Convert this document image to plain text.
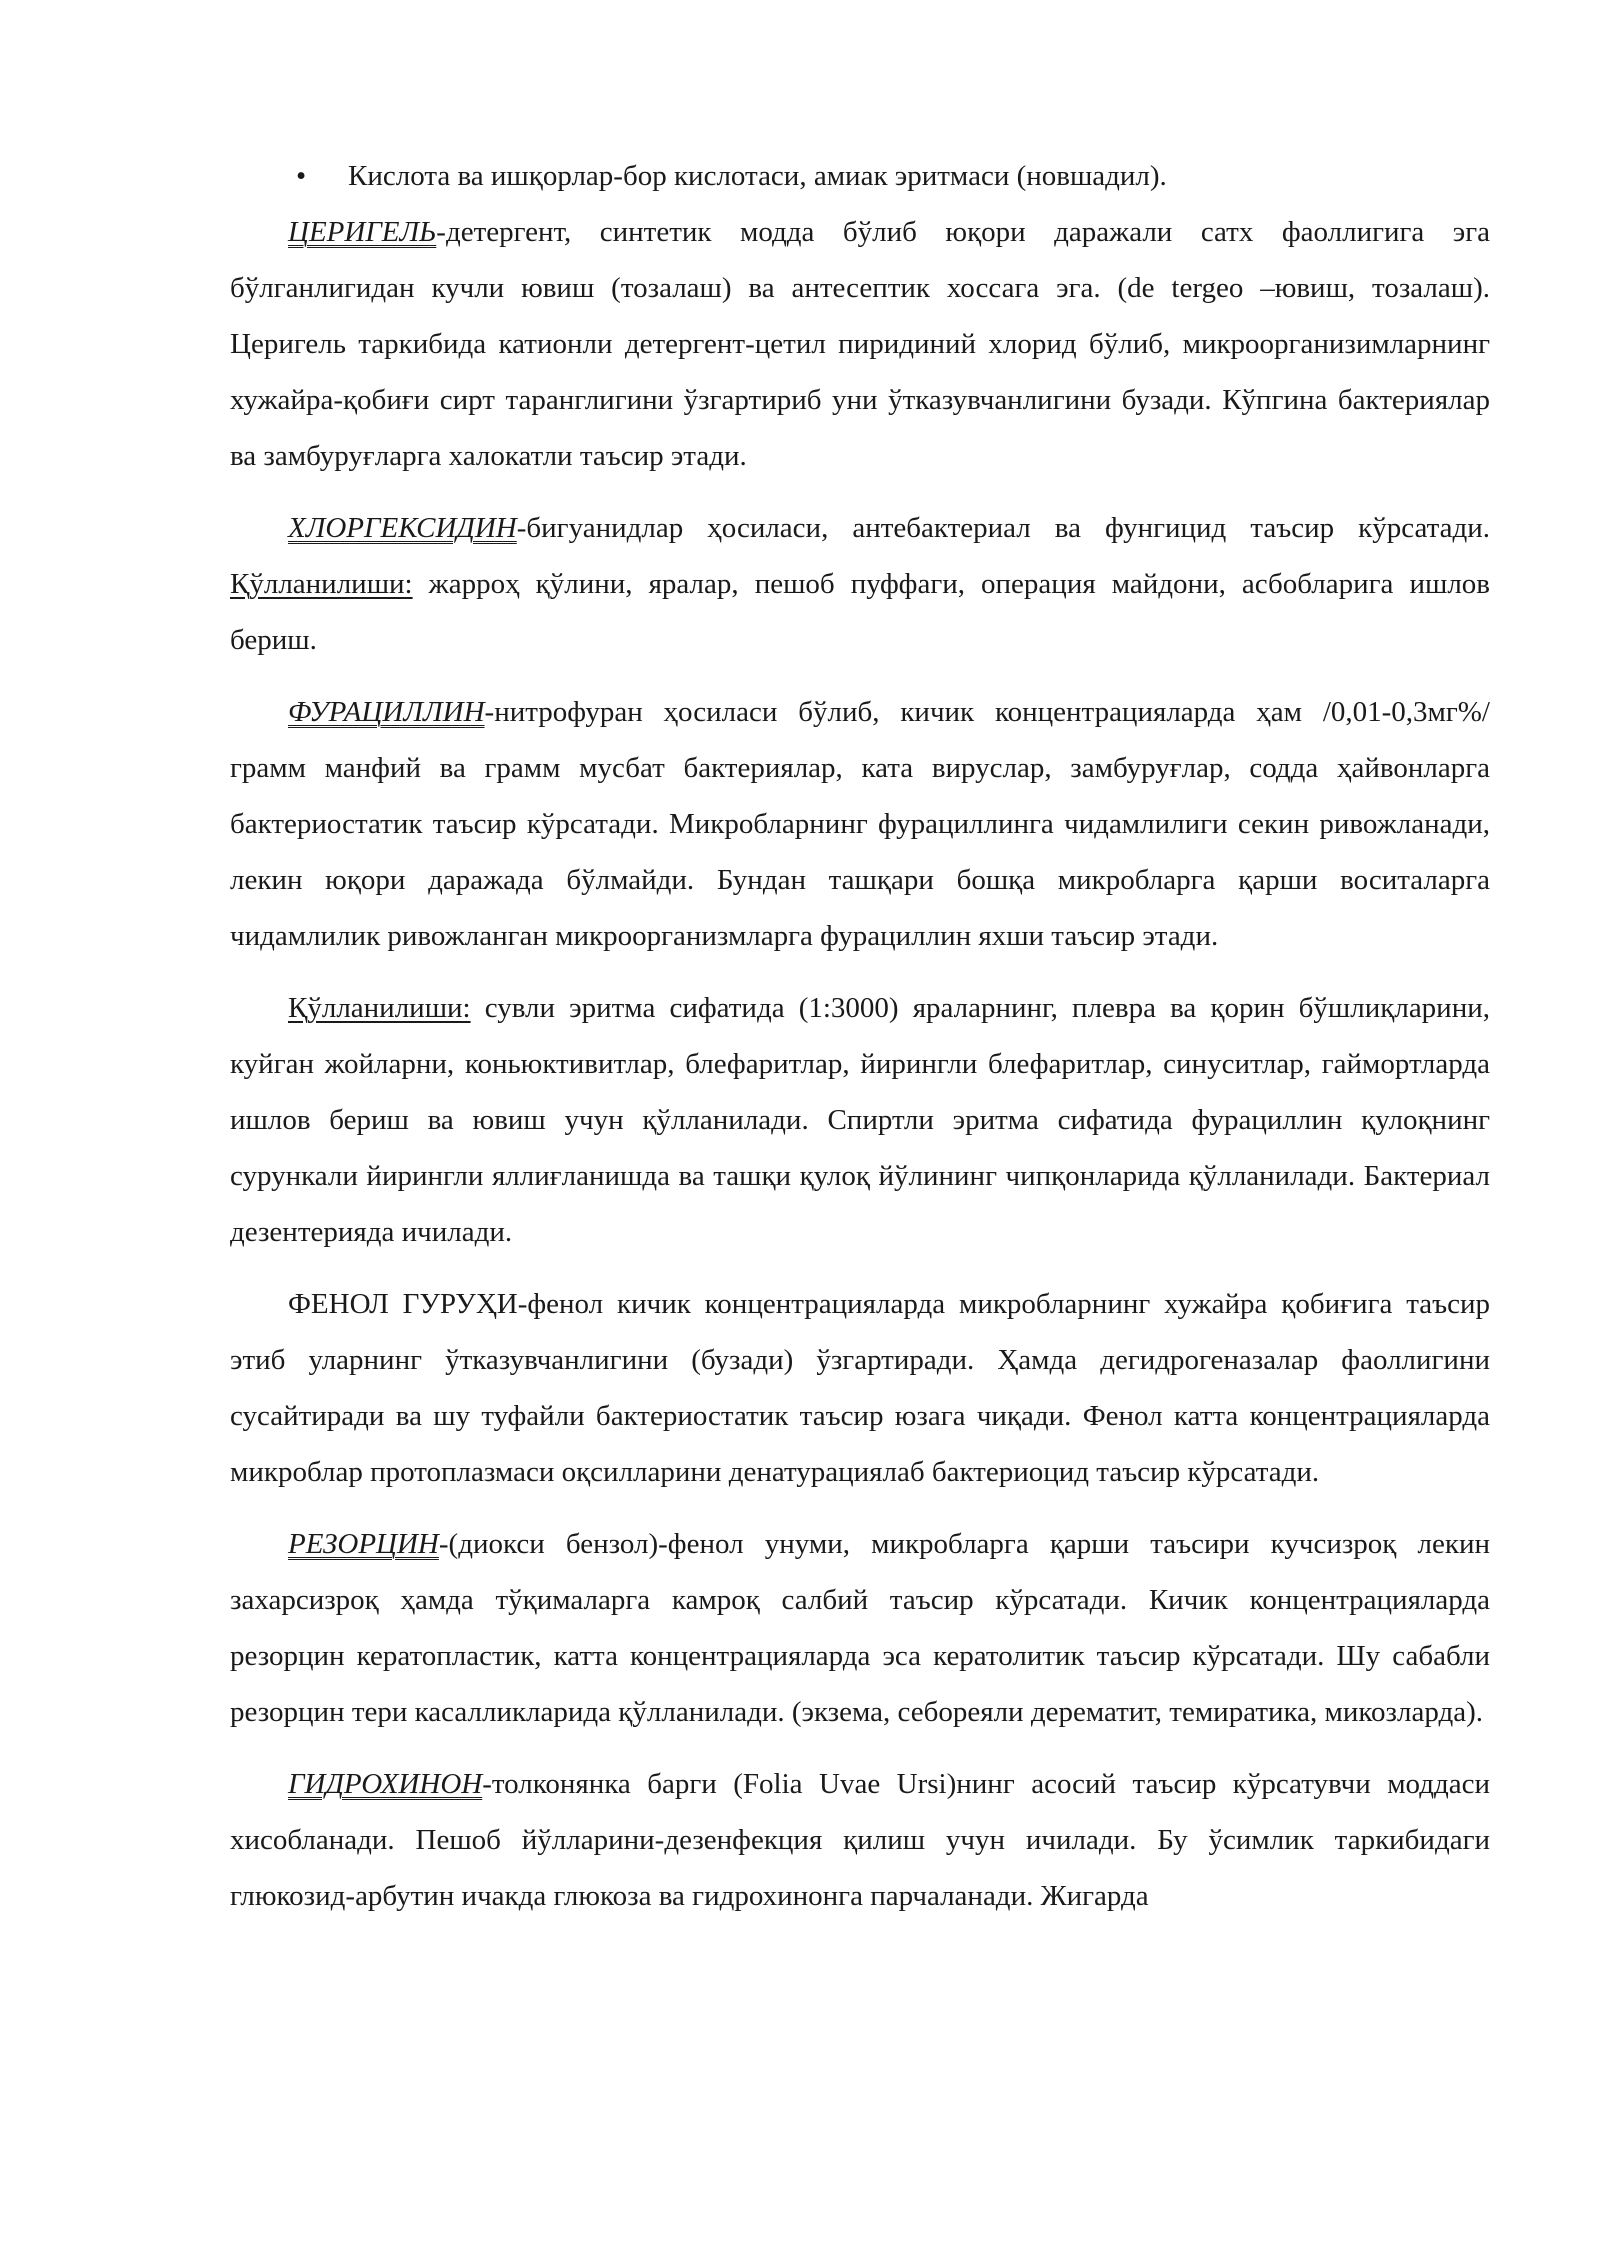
• Кислота ва ишқорлар-бор кислотаси, амиак эритмаси (новшадил).

ЦЕРИГЕЛЬ-детергент, синтетик модда бўлиб юқори даражали сатх фаоллигига эга бўлганлигидан кучли ювиш (тозалаш) ва антесептик хоссага эга. (de tergeo –ювиш, тозалаш). Церигель таркибида катионли детергент-цетил пиридиний хлорид бўлиб, микроорганизимларнинг хужайра-қобиғи сирт таранглигини ўзгартириб уни ўтказувчанлигини бузади. Кўпгина бактериялар ва замбуруғларга халокатли таъсир этади.

ХЛОРГЕКСИДИН-бигуанидлар ҳосиласи, антебактериал ва фунгицид таъсир кўрсатади. Қўлланилиши: жарроҳ қўлини, яралар, пешоб пуффаги, операция майдони, асбобларига ишлов бериш.

ФУРАЦИЛЛИН-нитрофуран ҳосиласи бўлиб, кичик концентрацияларда ҳам /0,01-0,3мг%/ грамм манфий ва грамм мусбат бактериялар, ката вируслар, замбуруғлар, содда ҳайвонларга бактериостатик таъсир кўрсатади. Микробларнинг фурациллинга чидамлилиги секин ривожланади, лекин юқори даражада бўлмайди. Бундан ташқари бошқа микробларга қарши воситаларга чидамлилик ривожланган микроорганизмларга фурациллин яхши таъсир этади.

Қўлланилиши: сувли эритма сифатида (1:3000) яраларнинг, плевра ва қорин бўшлиқларини, куйган жойларни, коньюктивитлар, блефаритлар, йирингли блефаритлар, синуситлар, гаймортларда ишлов бериш ва ювиш учун қўлланилади. Спиртли эритма сифатида фурациллин қулоқнинг сурункали йирингли яллиғланишда ва ташқи қулоқ йўлининг чипқонларида қўлланилади. Бактериал дезентерияда ичилади.

ФЕНОЛ ГУРУҲИ-фенол кичик концентрацияларда микробларнинг хужайра қобиғига таъсир этиб уларнинг ўтказувчанлигини (бузади) ўзгартиради. Ҳамда дегидрогеназалар фаоллигини сусайтиради ва шу туфайли бактериостатик таъсир юзага чиқади. Фенол катта концентрацияларда микроблар протоплазмаси оқсилларини денатурациялаб бактериоцид таъсир кўрсатади.

РЕЗОРЦИН-(диокси бензол)-фенол унуми, микробларга қарши таъсири кучсизроқ лекин захарсизроқ ҳамда тўқималарга камроқ салбий таъсир кўрсатади. Кичик концентрацияларда резорцин кератопластик, катта концентрацияларда эса кератолитик таъсир кўрсатади. Шу сабабли резорцин тери касалликларида қўлланилади. (экзема, себореяли дерематит, темиратика, микозларда).

ГИДРОХИНОН-толконянка барги (Folia Uvae Ursi)нинг асосий таъсир кўрсатувчи моддаси хисобланади. Пешоб йўлларини-дезенфекция қилиш учун ичилади. Бу ўсимлик таркибидаги глюкозид-арбутин ичакда глюкоза ва гидрохинонга парчаланади. Жигарда
